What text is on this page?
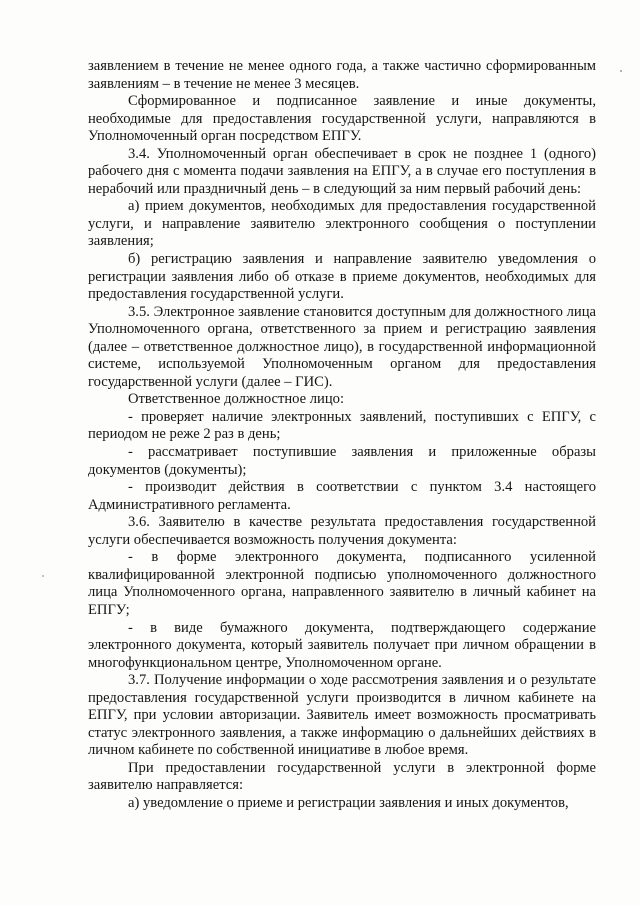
заявлением в течение не менее одного года, а также частично сформированным заявлениям – в течение не менее 3 месяцев.

Сформированное и подписанное заявление и иные документы, необходимые для предоставления государственной услуги, направляются в Уполномоченный орган посредством ЕПГУ.

3.4. Уполномоченный орган обеспечивает в срок не позднее 1 (одного) рабочего дня с момента подачи заявления на ЕПГУ, а в случае его поступления в нерабочий или праздничный день – в следующий за ним первый рабочий день:

а) прием документов, необходимых для предоставления государственной услуги, и направление заявителю электронного сообщения о поступлении заявления;

б) регистрацию заявления и направление заявителю уведомления о регистрации заявления либо об отказе в приеме документов, необходимых для предоставления государственной услуги.

3.5. Электронное заявление становится доступным для должностного лица Уполномоченного органа, ответственного за прием и регистрацию заявления (далее – ответственное должностное лицо), в государственной информационной системе, используемой Уполномоченным органом для предоставления государственной услуги (далее – ГИС).

Ответственное должностное лицо:

- проверяет наличие электронных заявлений, поступивших с ЕПГУ, с периодом не реже 2 раз в день;

- рассматривает поступившие заявления и приложенные образы документов (документы);

- производит действия в соответствии с пунктом 3.4 настоящего Административного регламента.

3.6. Заявителю в качестве результата предоставления государственной услуги обеспечивается возможность получения документа:

- в форме электронного документа, подписанного усиленной квалифицированной электронной подписью уполномоченного должностного лица Уполномоченного органа, направленного заявителю в личный кабинет на ЕПГУ;

- в виде бумажного документа, подтверждающего содержание электронного документа, который заявитель получает при личном обращении в многофункциональном центре, Уполномоченном органе.

3.7. Получение информации о ходе рассмотрения заявления и о результате предоставления государственной услуги производится в личном кабинете на ЕПГУ, при условии авторизации. Заявитель имеет возможность просматривать статус электронного заявления, а также информацию о дальнейших действиях в личном кабинете по собственной инициативе в любое время.

При предоставлении государственной услуги в электронной форме заявителю направляется:

а) уведомление о приеме и регистрации заявления и иных документов,
